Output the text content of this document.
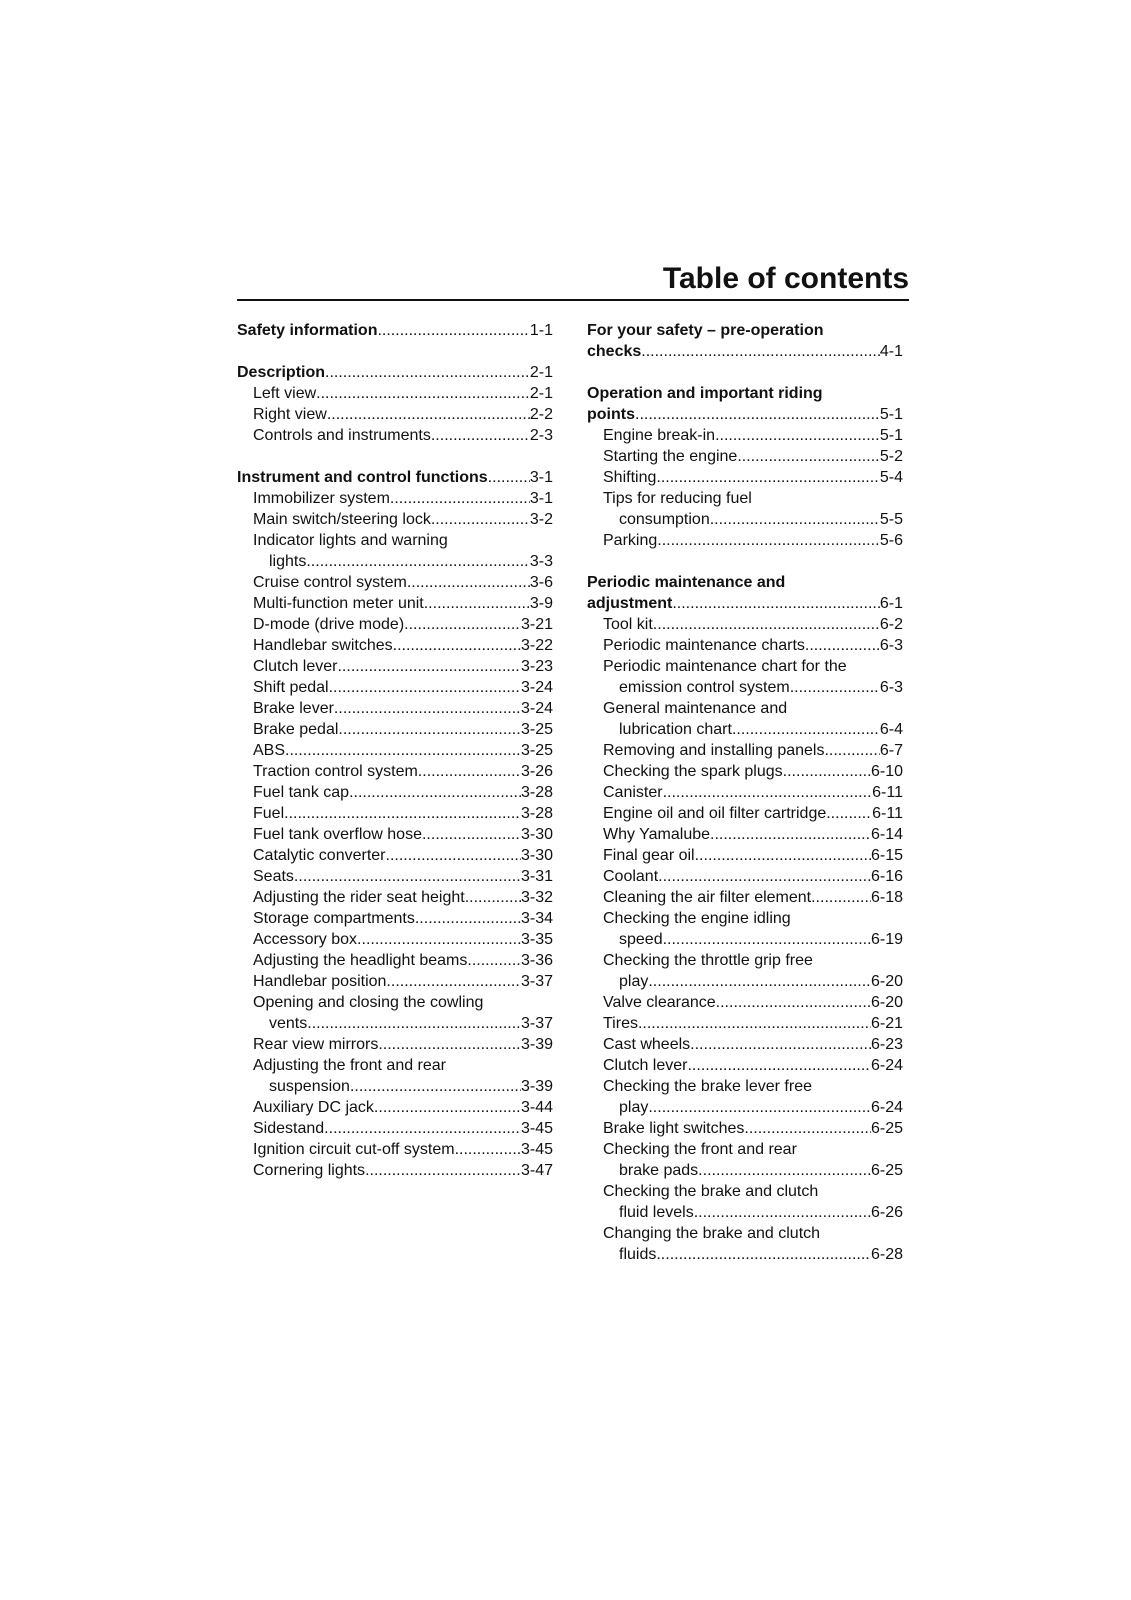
Table of contents
Safety information .....	1-1
Description .....	2-1
Left view .....	2-1
Right view .....	2-2
Controls and instruments .....	2-3
Instrument and control functions .....	3-1
Immobilizer system .....	3-1
Main switch/steering lock .....	3-2
Indicator lights and warning
lights .....	3-3
Cruise control system .....	3-6
Multi-function meter unit .....	3-9
D-mode (drive mode) .....	3-21
Handlebar switches .....	3-22
Clutch lever .....	3-23
Shift pedal .....	3-24
Brake lever .....	3-24
Brake pedal .....	3-25
ABS .....	3-25
Traction control system .....	3-26
Fuel tank cap .....	3-28
Fuel .....	3-28
Fuel tank overflow hose .....	3-30
Catalytic converter .....	3-30
Seats .....	3-31
Adjusting the rider seat height .....	3-32
Storage compartments .....	3-34
Accessory box .....	3-35
Adjusting the headlight beams .....	3-36
Handlebar position .....	3-37
Opening and closing the cowling
vents .....	3-37
Rear view mirrors .....	3-39
Adjusting the front and rear
suspension .....	3-39
Auxiliary DC jack .....	3-44
Sidestand .....	3-45
Ignition circuit cut-off system .....	3-45
Cornering lights .....	3-47
For your safety – pre-operation
checks .....	4-1
Operation and important riding
points .....	5-1
Engine break-in .....	5-1
Starting the engine .....	5-2
Shifting .....	5-4
Tips for reducing fuel
consumption .....	5-5
Parking .....	5-6
Periodic maintenance and
adjustment .....	6-1
Tool kit .....	6-2
Periodic maintenance charts .....	6-3
Periodic maintenance chart for the
emission control system .....	6-3
General maintenance and
lubrication chart .....	6-4
Removing and installing panels .....	6-7
Checking the spark plugs .....	6-10
Canister .....	6-11
Engine oil and oil filter cartridge .....	6-11
Why Yamalube .....	6-14
Final gear oil .....	6-15
Coolant .....	6-16
Cleaning the air filter element .....	6-18
Checking the engine idling
speed .....	6-19
Checking the throttle grip free
play .....	6-20
Valve clearance .....	6-20
Tires .....	6-21
Cast wheels .....	6-23
Clutch lever .....	6-24
Checking the brake lever free
play .....	6-24
Brake light switches .....	6-25
Checking the front and rear
brake pads .....	6-25
Checking the brake and clutch
fluid levels .....	6-26
Changing the brake and clutch
fluids .....	6-28
